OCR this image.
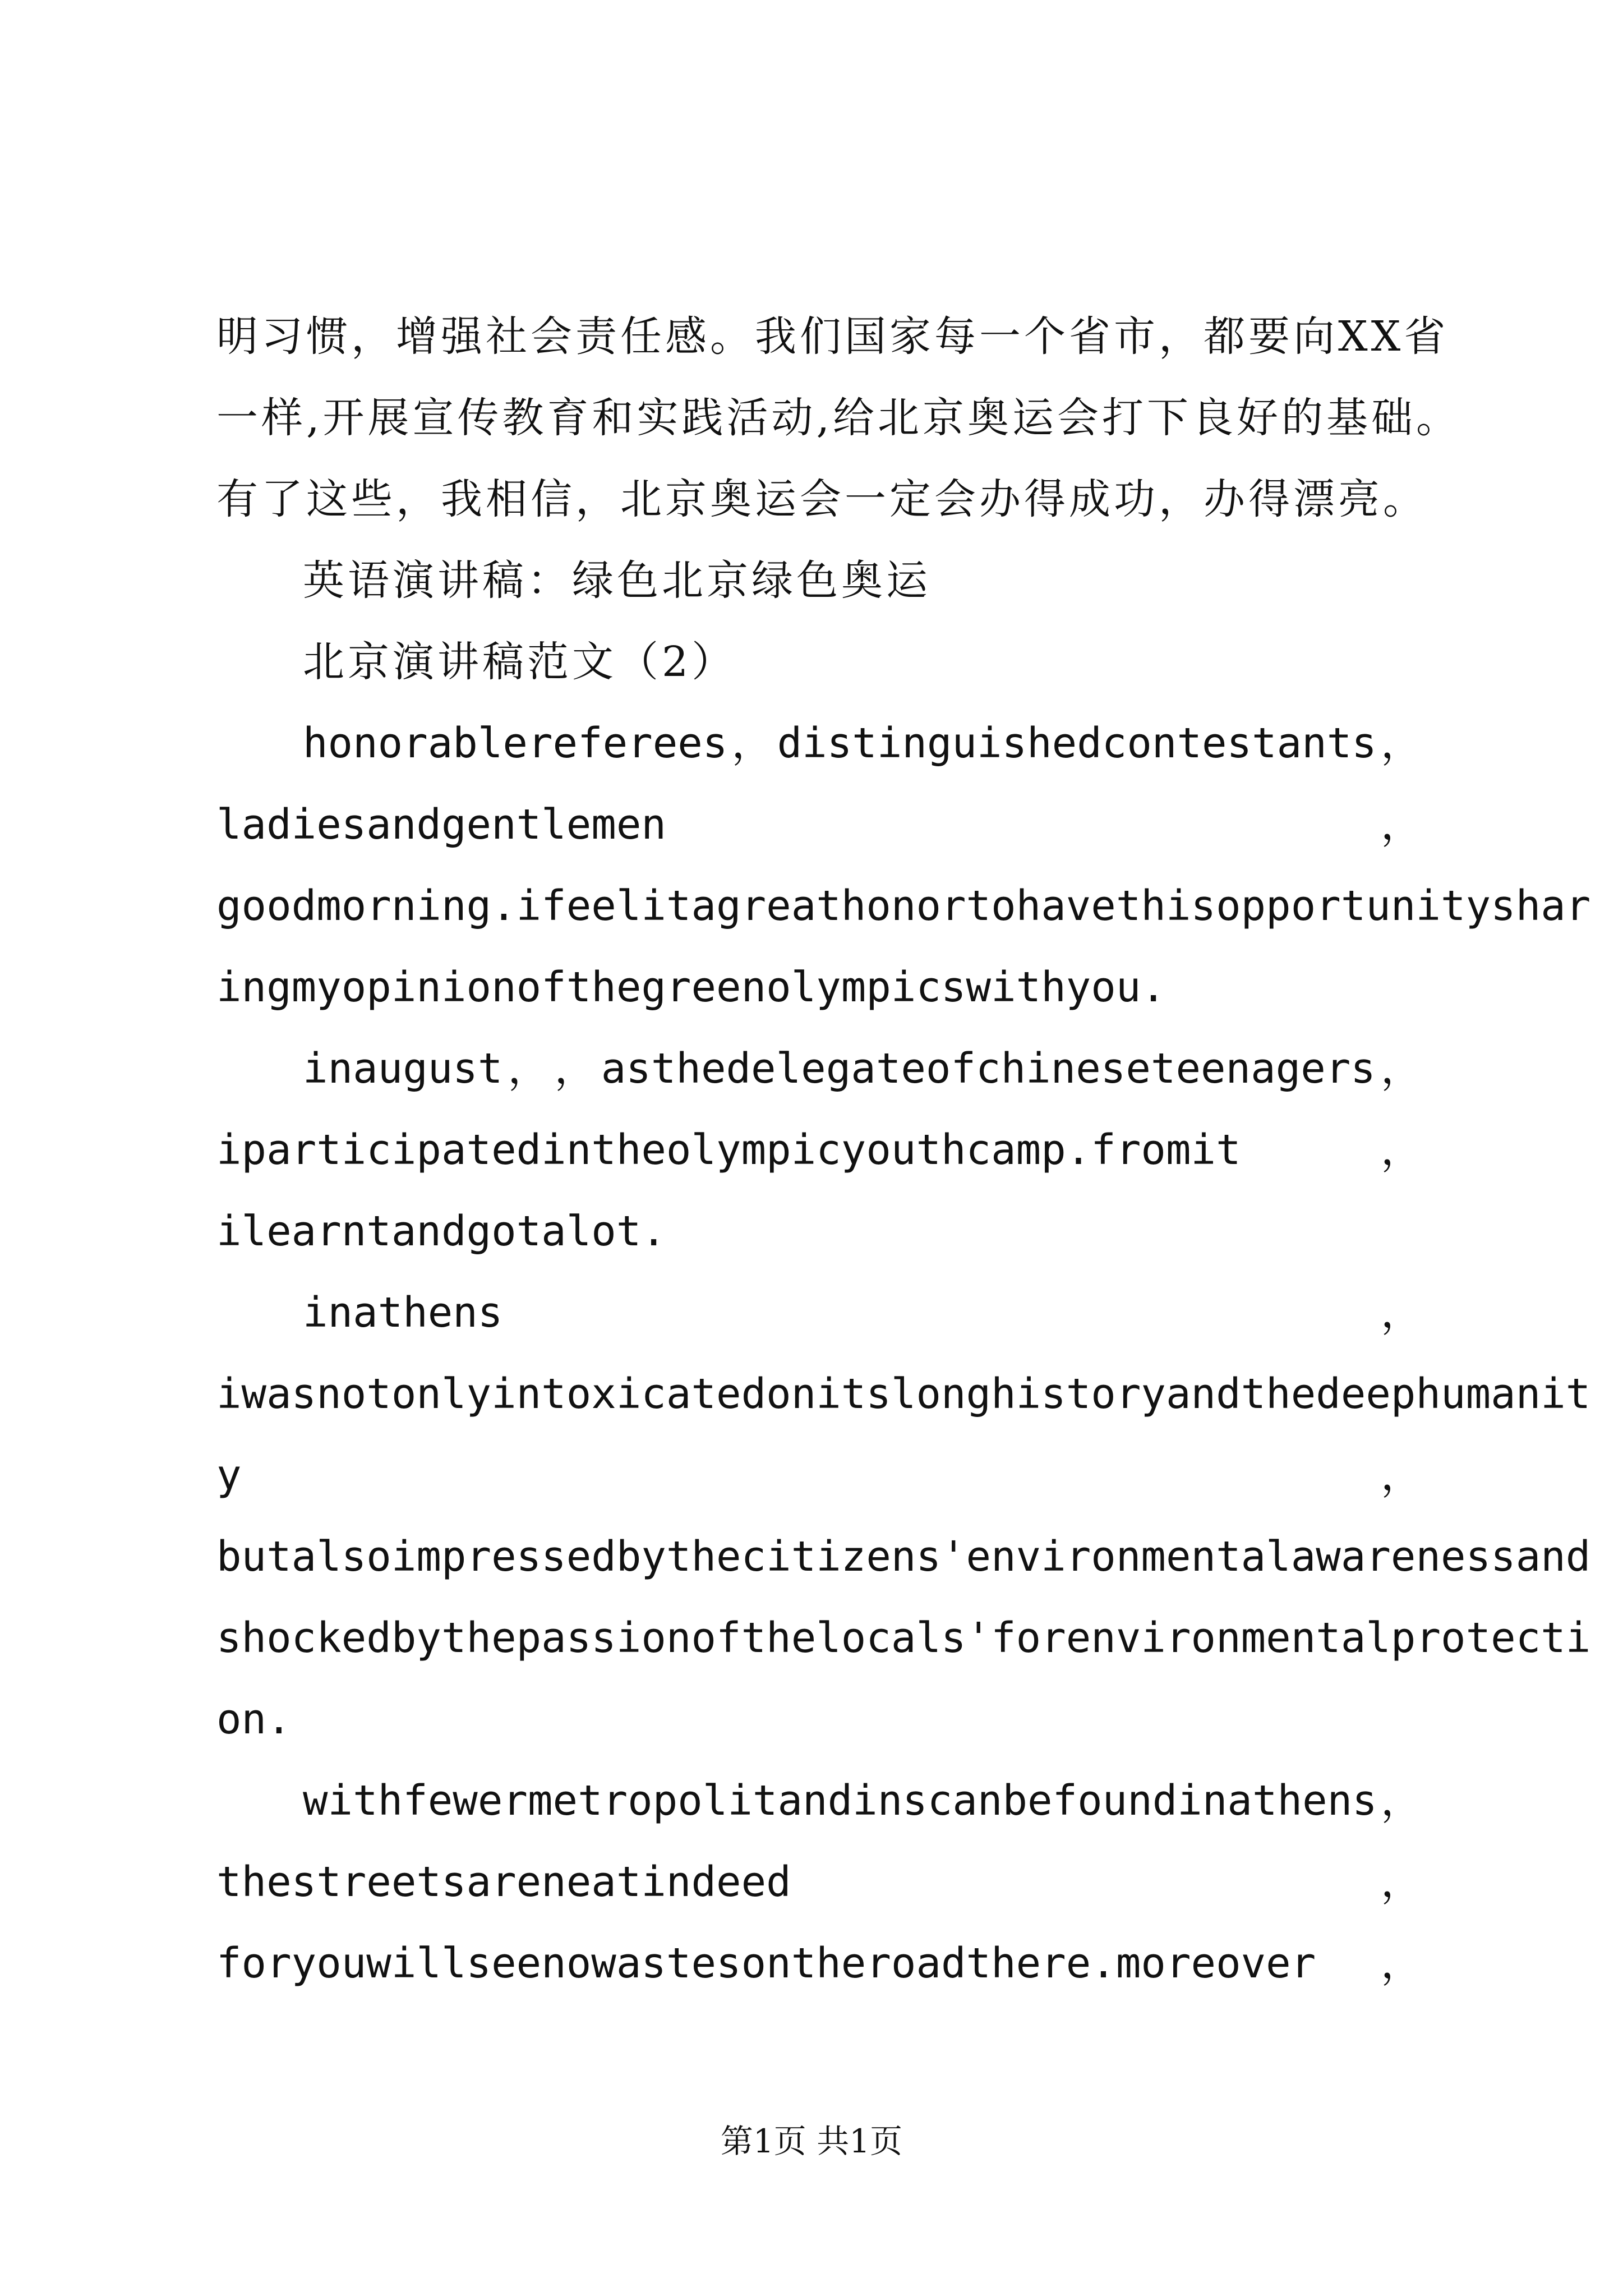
明习惯，增强社会责任感。我们国家每一个省市，都要向XX省
一样,开展宣传教育和实践活动,给北京奥运会打下良好的基础。
有了这些，我相信，北京奥运会一定会办得成功，办得漂亮。
英语演讲稿：绿色北京绿色奥运
北京演讲稿范文（2）
honorablereferees ， distinguishedcontestants ，
ladiesandgentlemen	，
goodmorning.ifeelitagreathonortohavethisopportunityshar
ingmyopinionofthegreenolympicswithyou.
inaugust ， ， asthedelegateofchineseteenagers ，
iparticipatedintheolympicyouthcamp.fromit	，
ilearntandgotalot.
inathens	，
iwasnotonlyintoxicatedonitslonghistoryandthedeephumanit
y	，
butalsoimpressedbythecitizens'environmentalawarenessand
shockedbythepassionofthelocals'forenvironmentalprotecti
on.
withfewermetropolitandinscanbefoundinathens ，
thestreetsareneatindeed	，
foryouwillseenowastesontheroadthere.moreover ，
第1页 共1页
